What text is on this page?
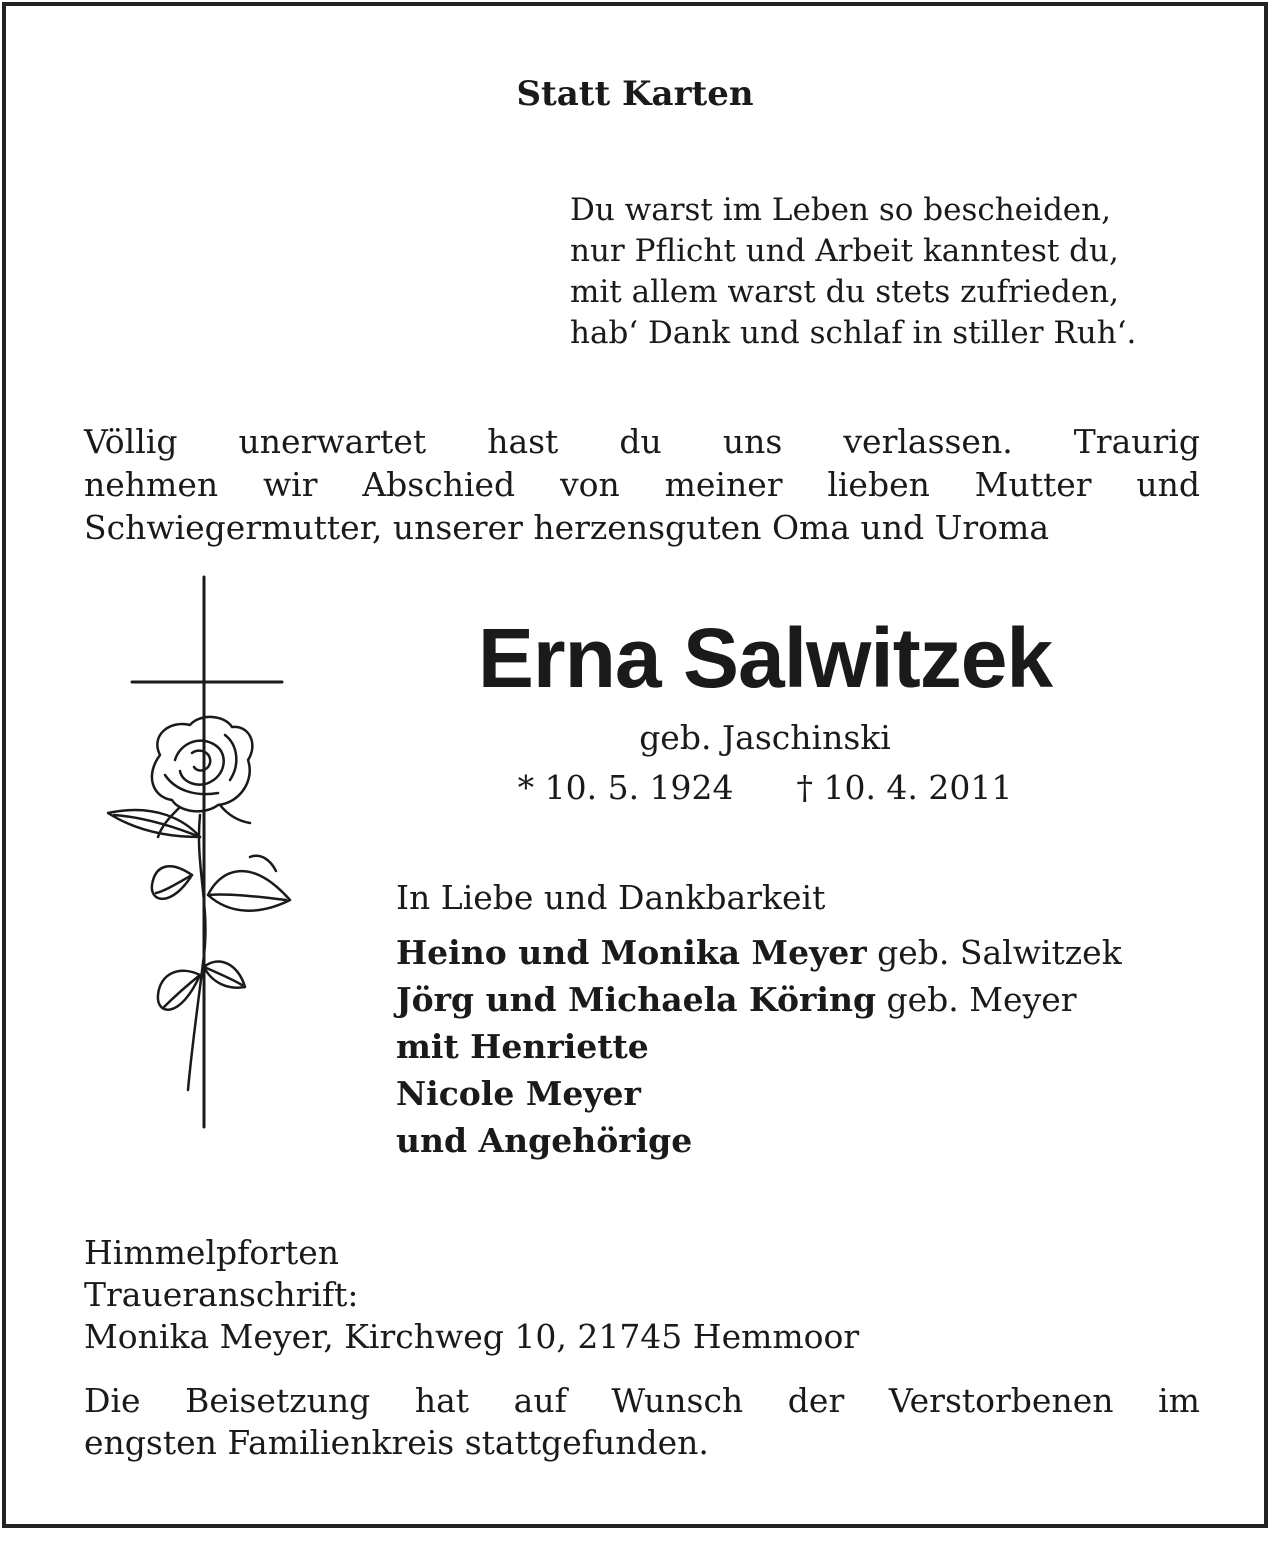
Statt Karten
Du warst im Leben so bescheiden,
nur Pflicht und Arbeit kanntest du,
mit allem warst du stets zufrieden,
hab‘ Dank und schlaf in stiller Ruh‘.
Völlig unerwartet hast du uns verlassen. Traurig
nehmen wir Abschied von meiner lieben Mutter und
Schwiegermutter, unserer herzensguten Oma und Uroma
Erna Salwitzek
geb. Jaschinski
* 10. 5. 1924      † 10. 4. 2011
In Liebe und Dankbarkeit
Heino und Monika Meyer geb. Salwitzek
Jörg und Michaela Köring geb. Meyer
mit Henriette
Nicole Meyer
und Angehörige
Himmelpforten
Traueranschrift:
Monika Meyer, Kirchweg 10, 21745 Hemmoor
Die Beisetzung hat auf Wunsch der Verstorbenen im
engsten Familienkreis stattgefunden.
